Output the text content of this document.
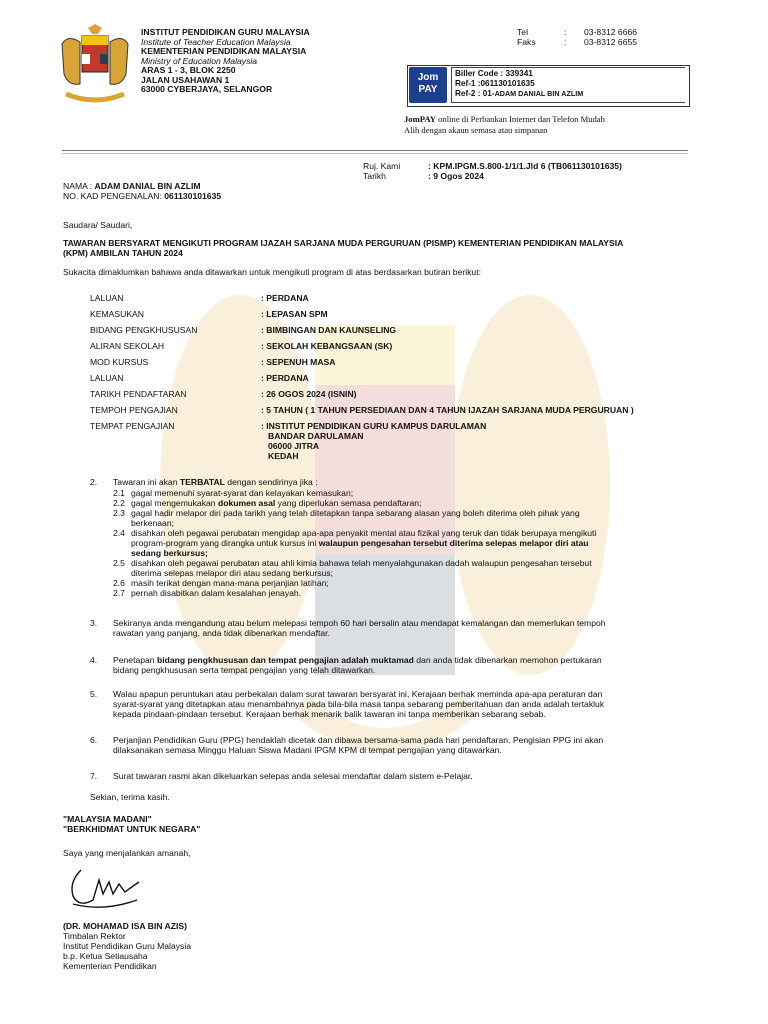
INSTITUT PENDIDIKAN GURU MALAYSIA
Institute of Teacher Education Malaysia
KEMENTERIAN PENDIDIKAN MALAYSIA
Ministry of Education Malaysia
ARAS 1 - 3, BLOK 2250
JALAN USAHAWAN 1
63000 CYBERJAYA, SELANGOR
Tel	: 03-8312 6666
Faks	: 03-8312 6655
Jom
PAY
Biller Code : 339341
Ref-1 :061130101635
Ref-2 : 01-ADAM DANIAL BIN AZLIM
JomPAY online di Perbankan Internet dan Telefon Mudah
Alih dengan akaun semasa atau simpanan
Ruj. Kami	: KPM.IPGM.S.800-1/1/1.Jld 6 (TB061130101635)
Tarikh	: 9 Ogos 2024
NAMA : ADAM DANIAL BIN AZLIM
NO. KAD PENGENALAN: 061130101635
Saudara/ Saudari,
TAWARAN BERSYARAT MENGIKUTI PROGRAM IJAZAH SARJANA MUDA PERGURUAN (PISMP) KEMENTERIAN PENDIDIKAN MALAYSIA
(KPM) AMBILAN TAHUN 2024
Sukacita dimaklumkan bahawa anda ditawarkan untuk mengikuti program di atas berdasarkan butiran berikut:
LALUAN	: PERDANA
KEMASUKAN	: LEPASAN SPM
BIDANG PENGKHUSUSAN	: BIMBINGAN DAN KAUNSELING
ALIRAN SEKOLAH	: SEKOLAH KEBANGSAAN (SK)
MOD KURSUS	: SEPENUH MASA
LALUAN	: PERDANA
TARIKH PENDAFTARAN	: 26 OGOS 2024 (ISNIN)
TEMPOH PENGAJIAN	: 5 TAHUN ( 1 TAHUN PERSEDIAAN DAN 4 TAHUN IJAZAH SARJANA MUDA PERGURUAN )
TEMPAT PENGAJIAN	: INSTITUT PENDIDIKAN GURU KAMPUS DARULAMAN
BANDAR DARULAMAN
06000 JITRA
KEDAH
2. Tawaran ini akan TERBATAL dengan sendirinya jika :
2.1 gagal memenuhi syarat-syarat dan kelayakan kemasukan;
2.2 gagal mengemukakan dokumen asal yang diperlukan semasa pendaftaran;
2.3 gagal hadir melapor diri pada tarikh yang telah ditetapkan tanpa sebarang alasan yang boleh diterima oleh pihak yang
berkenaan;
2.4 disahkan oleh pegawai perubatan mengidap apa-apa penyakit mental atau fizikal yang teruk dan tidak berupaya mengikuti
program-program yang dirangka untuk kursus ini walaupun pengesahan tersebut diterima selepas melapor diri atau
sedang berkursus;
2.5 disahkan oleh pegawai perubatan atau ahli kimia bahawa telah menyalahgunakan dadah walaupun pengesahan tersebut
diterima selepas melapor diri atau sedang berkursus;
2.6 masih terikat dengan mana-mana perjanjian latihan;
2.7 pernah disabitkan dalam kesalahan jenayah.
3. Sekiranya anda mengandung atau belum melepasi tempoh 60 hari bersalin atau mendapat kemalangan dan memerlukan tempoh
rawatan yang panjang, anda tidak dibenarkan mendaftar.
4. Penetapan bidang pengkhususan dan tempat pengajian adalah muktamad dan anda tidak dibenarkan memohon pertukaran
bidang pengkhususan serta tempat pengajian yang telah ditawarkan.
5. Walau apapun peruntukan atau perbekalan dalam surat tawaran bersyarat ini, Kerajaan berhak meminda apa-apa peraturan dan
syarat-syarat yang ditetapkan atau menambahnya pada bila-bila masa tanpa sebarang pemberitahuan dan anda adalah tertakluk
kepada pindaan-pindaan tersebut. Kerajaan berhak menarik balik tawaran ini tanpa memberikan sebarang sebab.
6. Perjanjian Pendidikan Guru (PPG) hendaklah dicetak dan dibawa bersama-sama pada hari pendaftaran. Pengisian PPG ini akan
dilaksanakan semasa Minggu Haluan Siswa Madani IPGM KPM di tempat pengajian yang ditawarkan.
7. Surat tawaran rasmi akan dikeluarkan selepas anda selesai mendaftar dalam sistem e-Pelajar.
Sekian, terima kasih.
"MALAYSIA MADANI"
"BERKHIDMAT UNTUK NEGARA"
Saya yang menjalankan amanah,
(DR. MOHAMAD ISA BIN AZIS)
Timbalan Rektor
Institut Pendidikan Guru Malaysia
b.p. Ketua Setiausaha
Kementerian Pendidikan
